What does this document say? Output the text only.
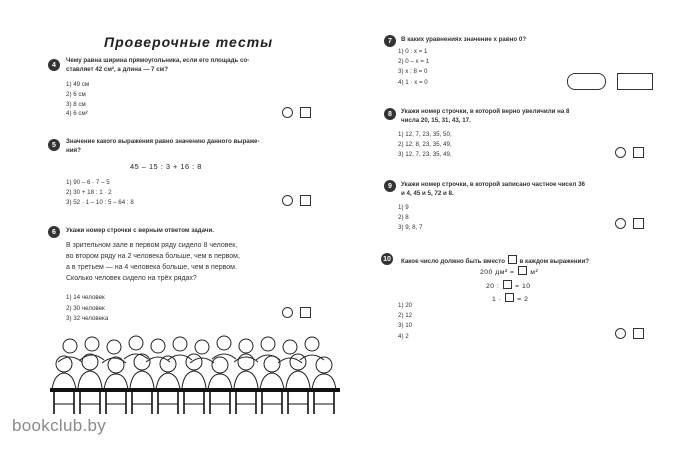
Проверочные тесты
4
Чему равна ширина прямоугольника, если его площадь со-
ставляет 42 см², а длина — 7 см?
1) 49 см
2) 6 см
3) 8 см
4) 6 см²
5	Значение какого выражения равно значению данного выраже-
ния?
45 – 15 : 3 + 16 : 8
1) 90 – 6 · 7 – 5
2) 30 + 18 : 1 · 2
3) 52 · 1 – 10 : 5 – 64 : 8
6	Укажи номер строчки с верным ответом задачи.
В зрительном зале в первом ряду сидело 8 человек,
во втором ряду на 2 человека больше, чем в первом,
а в третьем — на 4 человека больше, чем в первом.
Сколько человек сидело на трёх рядах?
1) 14 человек
2) 30 человек
3) 32 человека
7	В каких уравнениях значение x равно 0?
1) 0 : x = 1
2) 0 – x = 1
3) x : 8 = 0
4) 1 · x = 0
8	Укажи номер строчки, в которой верно увеличили на 8
числа 20, 15, 31, 43, 17.
1) 12, 7, 23, 35, 50,
2) 12, 8, 23, 35, 49,
3) 12, 7, 23, 35, 49,
9	Укажи номер строчки, в которой записано частное чисел 36
и 4, 45 и 5, 72 и 8.
1) 9
2) 8
3) 9, 8, 7
10	Какое число должно быть вместо в каждом выражении?
200 дм² = м²
20 : = 10
1 · = 2
1) 20
2) 12
3) 10
4) 2
bookclub.by
